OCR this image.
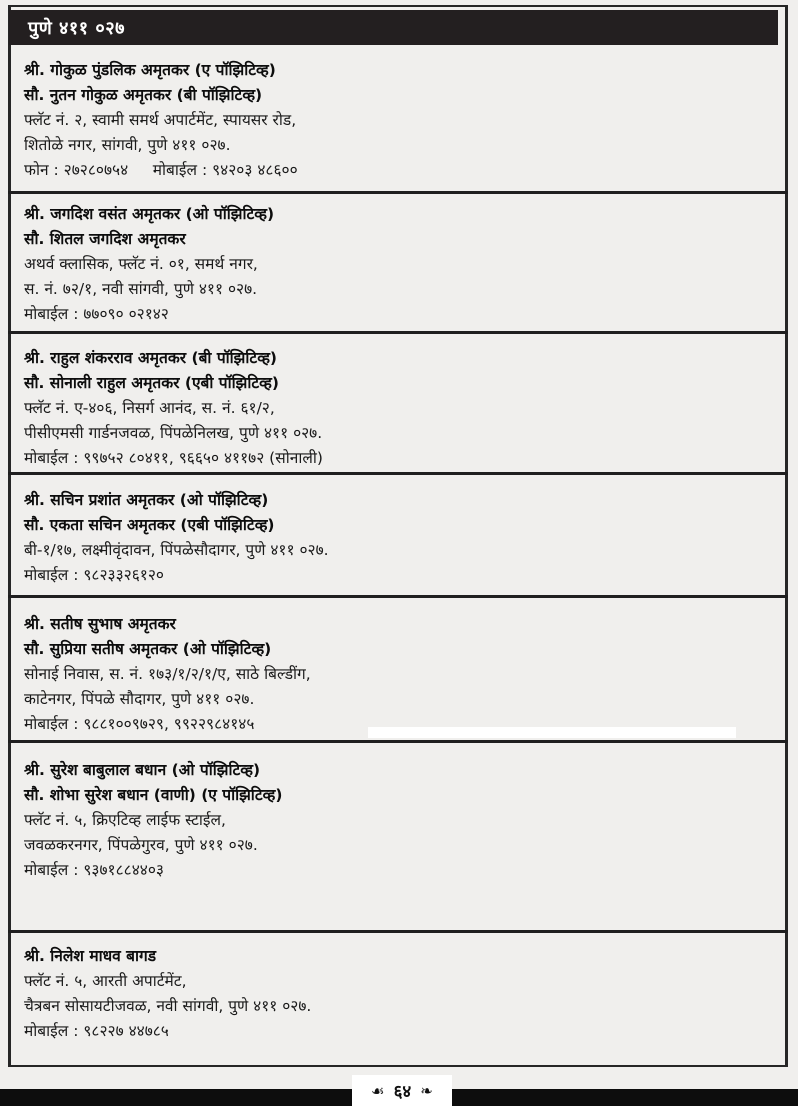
पुणे ४११ ०२७
श्री. गोकुळ पुंडलिक अमृतकर (ए पॉझिटिव्ह)
सौ. नुतन गोकुळ अमृतकर (बी पॉझिटिव्ह)
फ्लॅट नं. २, स्वामी समर्थ अपार्टमेंट, स्पायसर रोड,
शितोळे नगर, सांगवी, पुणे ४११ ०२७.
फोन : २७२८०७५४     मोबाईल : ९४२०३ ४८६००
श्री. जगदिश वसंत अमृतकर (ओ पॉझिटिव्ह)
सौ. शितल जगदिश अमृतकर
अथर्व क्लासिक, फ्लॅट नं. ०१, समर्थ नगर,
स. नं. ७२/१, नवी सांगवी, पुणे ४११ ०२७.
मोबाईल : ७७०९० ०२१४२
श्री. राहुल शंकरराव अमृतकर (बी पॉझिटिव्ह)
सौ. सोनाली राहुल अमृतकर (एबी पॉझिटिव्ह)
फ्लॅट नं. ए-४०६, निसर्ग आनंद, स. नं. ६१/२,
पीसीएमसी गार्डनजवळ, पिंपळेनिलख, पुणे ४११ ०२७.
मोबाईल : ९९७५२ ८०४११, ९६६५० ४११७२ (सोनाली)
श्री. सचिन प्रशांत अमृतकर (ओ पॉझिटिव्ह)
सौ. एकता सचिन अमृतकर (एबी पॉझिटिव्ह)
बी-१/१७, लक्ष्मीवृंदावन, पिंपळेसौदागर, पुणे ४११ ०२७.
मोबाईल : ९८२३३२६१२०
श्री. सतीष सुभाष अमृतकर
सौ. सुप्रिया सतीष अमृतकर (ओ पॉझिटिव्ह)
सोनाई निवास, स. नं. १७३/१/२/१/ए, साठे बिल्डींग,
काटेनगर, पिंपळे सौदागर, पुणे ४११ ०२७.
मोबाईल : ९८८१००९७२९, ९९२२९८४१४५
श्री. सुरेश बाबुलाल बधान (ओ पॉझिटिव्ह)
सौ. शोभा सुरेश बधान (वाणी) (ए पॉझिटिव्ह)
फ्लॅट नं. ५, क्रिएटिव्ह लाईफ स्टाईल,
जवळकरनगर, पिंपळेगुरव, पुणे ४११ ०२७.
मोबाईल : ९३७१८८४४०३
श्री. निलेश माधव बागड
फ्लॅट नं. ५, आरती अपार्टमेंट,
चैत्रबन सोसायटीजवळ, नवी सांगवी, पुणे ४११ ०२७.
मोबाईल : ९८२२७ ४४७८५
☙ ६४ ❧
